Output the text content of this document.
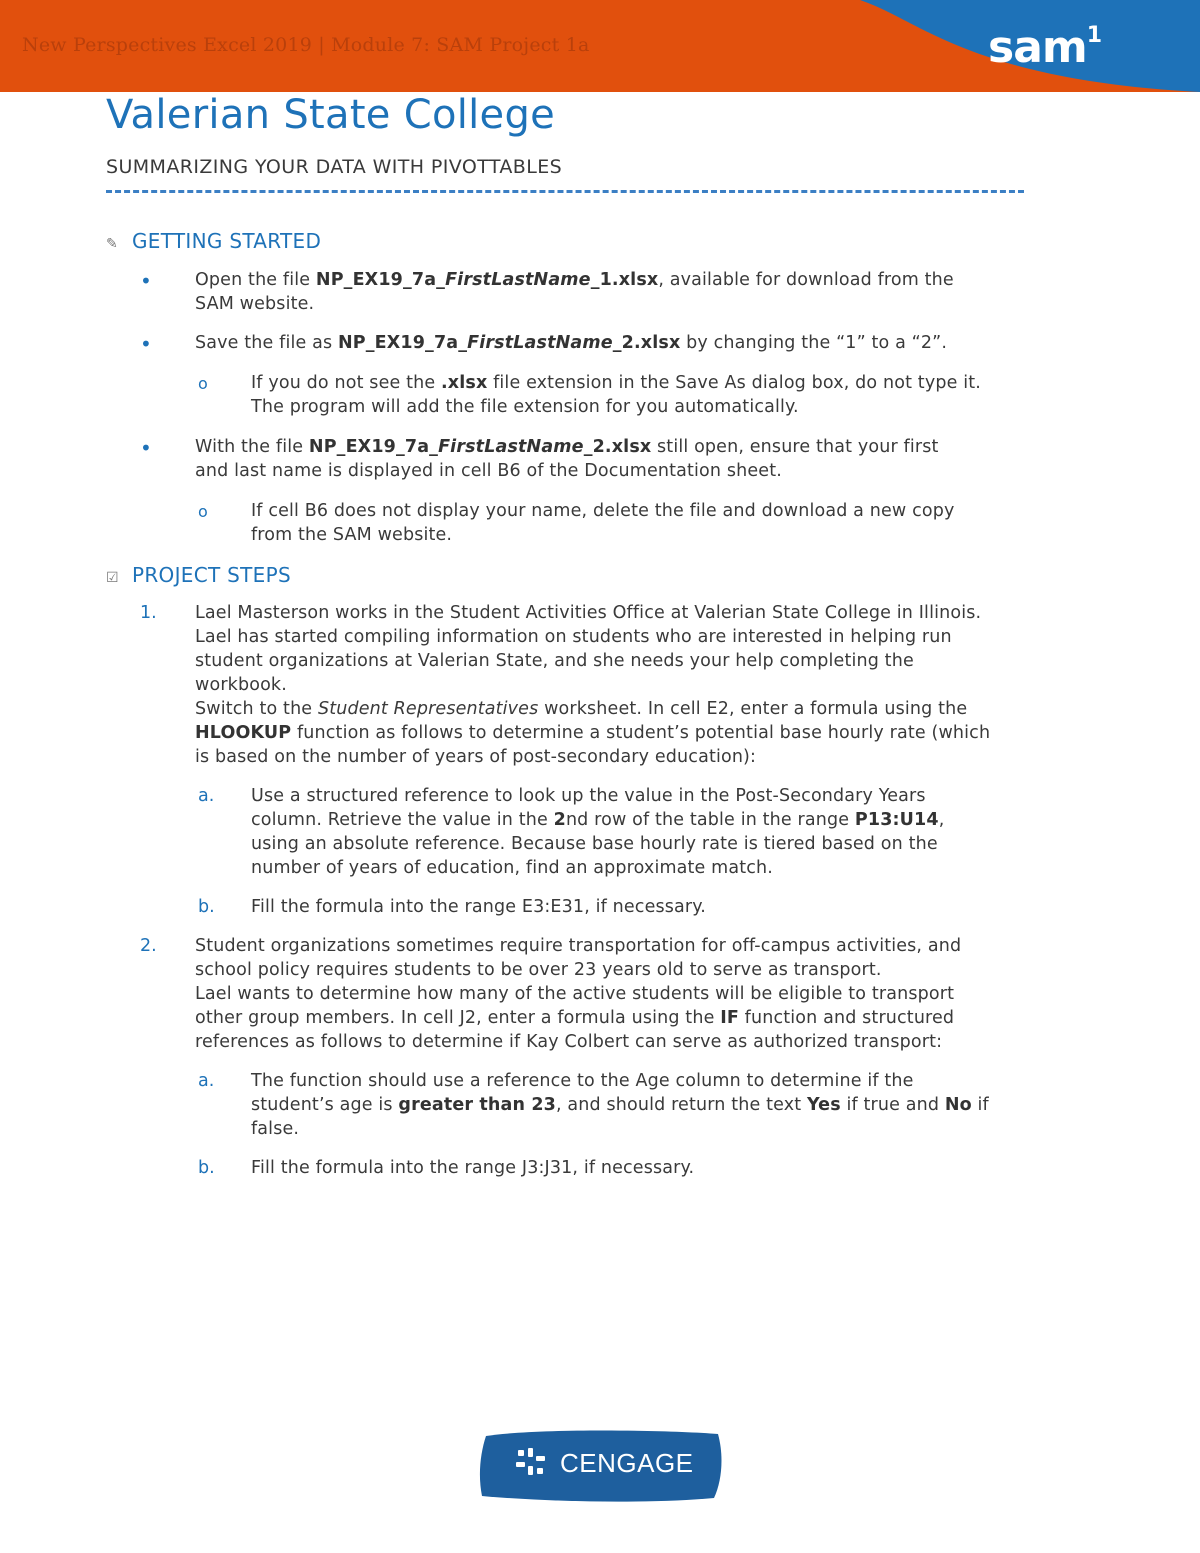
New Perspectives Excel 2019 | Module 7: SAM Project 1a	sam$^1$
Valerian State College
SUMMARIZING YOUR DATA WITH PIVOTTABLES
✎ GETTING STARTED
• Open the file NP_EX19_7a_FirstLastName_1.xlsx, available for download from the
SAM website.
• Save the file as NP_EX19_7a_FirstLastName_2.xlsx by changing the “1” to a “2”.
o If you do not see the .xlsx file extension in the Save As dialog box, do not type it.
The program will add the file extension for you automatically.
• With the file NP_EX19_7a_FirstLastName_2.xlsx still open, ensure that your first
and last name is displayed in cell B6 of the Documentation sheet.
o If cell B6 does not display your name, delete the file and download a new copy
from the SAM website.
☑ PROJECT STEPS
1. Lael Masterson works in the Student Activities Office at Valerian State College in Illinois.
Lael has started compiling information on students who are interested in helping run
student organizations at Valerian State, and she needs your help completing the
workbook.
Switch to the Student Representatives worksheet. In cell E2, enter a formula using the
HLOOKUP function as follows to determine a student’s potential base hourly rate (which
is based on the number of years of post-secondary education):
a. Use a structured reference to look up the value in the Post-Secondary Years
column. Retrieve the value in the 2nd row of the table in the range P13:U14,
using an absolute reference. Because base hourly rate is tiered based on the
number of years of education, find an approximate match.
b. Fill the formula into the range E3:E31, if necessary.
2. Student organizations sometimes require transportation for off-campus activities, and
school policy requires students to be over 23 years old to serve as transport.
Lael wants to determine how many of the active students will be eligible to transport
other group members. In cell J2, enter a formula using the IF function and structured
references as follows to determine if Kay Colbert can serve as authorized transport:
a. The function should use a reference to the Age column to determine if the
student’s age is greater than 23, and should return the text Yes if true and No if
false.
b. Fill the formula into the range J3:J31, if necessary.
CENGAGE
